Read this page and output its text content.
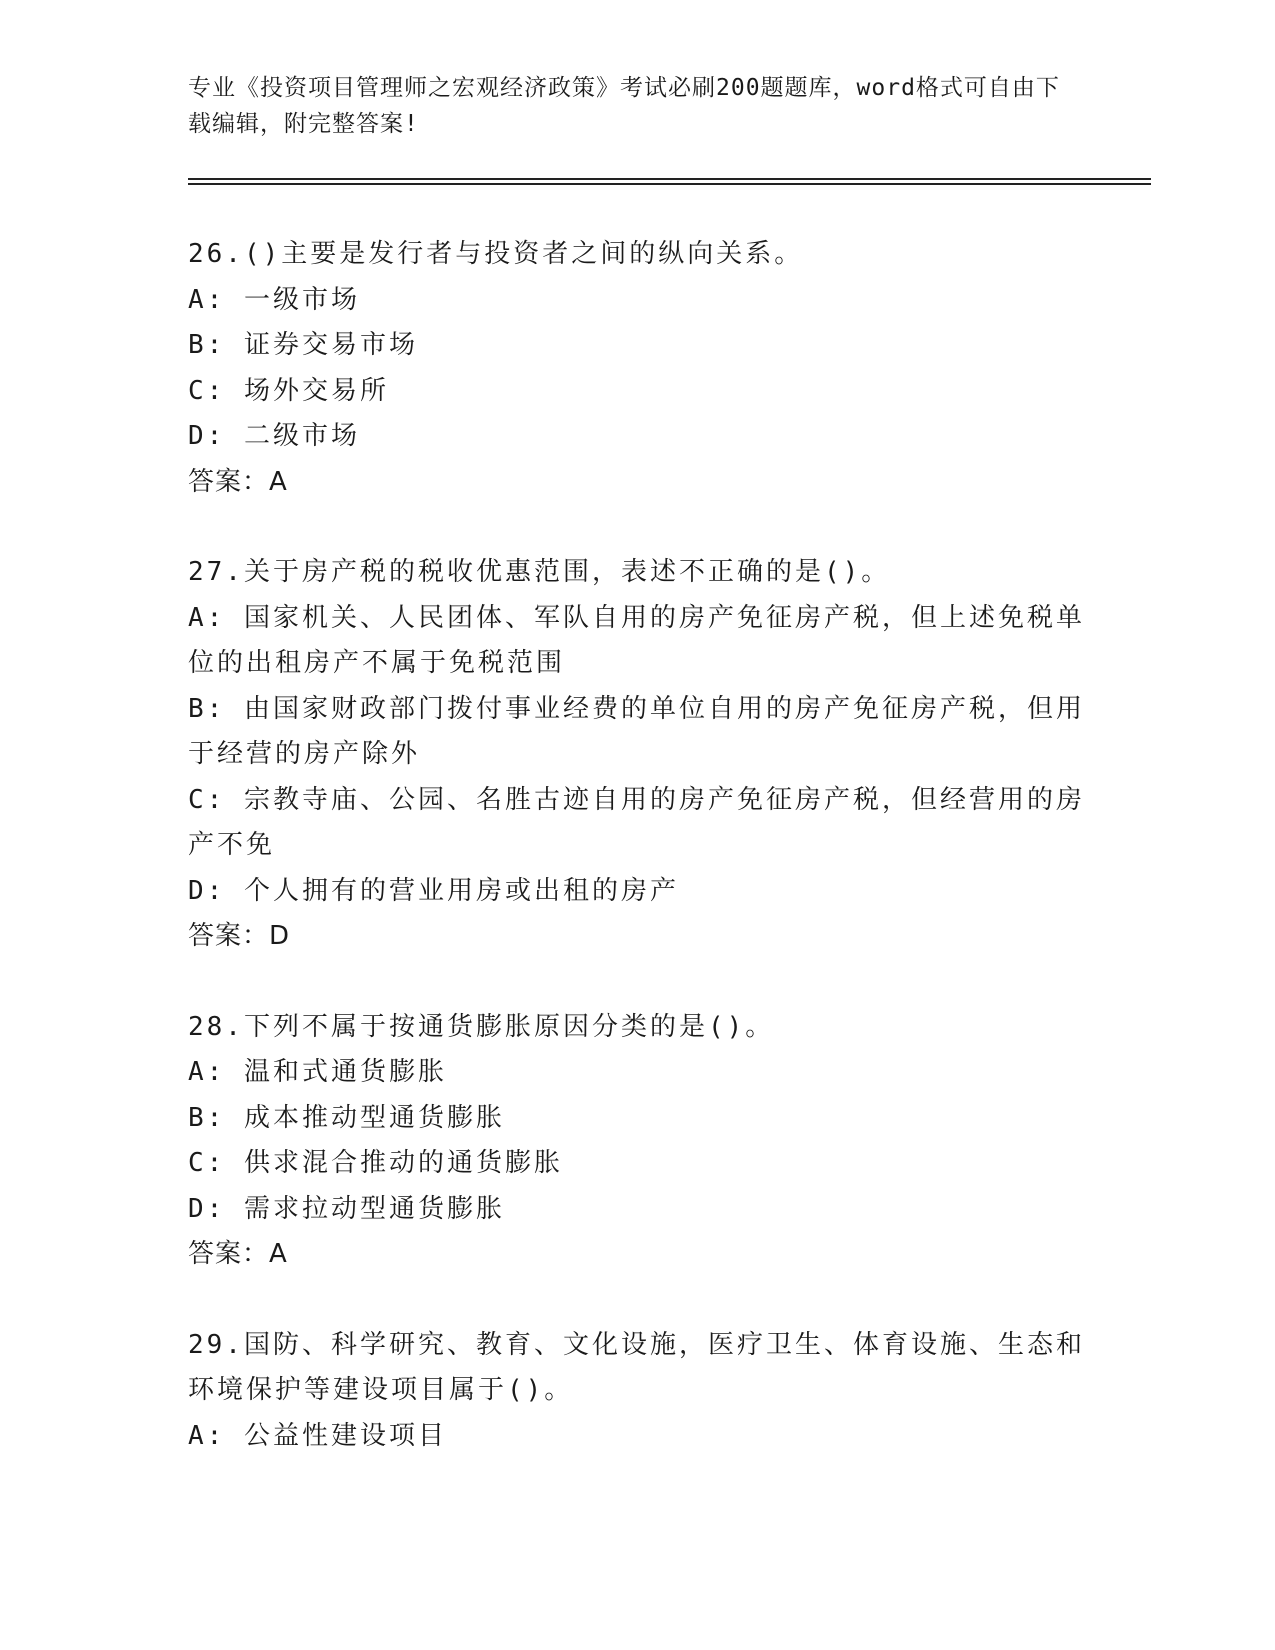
专业《投资项目管理师之宏观经济政策》考试必刷200题题库，word格式可自由下载编辑，附完整答案!

26.()主要是发行者与投资者之间的纵向关系。

A: 一级市场

B: 证券交易市场

C: 场外交易所

D: 二级市场

答案：A

27.关于房产税的税收优惠范围，表述不正确的是()。

A: 国家机关、人民团体、军队自用的房产免征房产税，但上述免税单位的出租房产不属于免税范围

B: 由国家财政部门拨付事业经费的单位自用的房产免征房产税，但用于经营的房产除外

C: 宗教寺庙、公园、名胜古迹自用的房产免征房产税，但经营用的房产不免

D: 个人拥有的营业用房或出租的房产

答案：D

28.下列不属于按通货膨胀原因分类的是()。

A: 温和式通货膨胀

B: 成本推动型通货膨胀

C: 供求混合推动的通货膨胀

D: 需求拉动型通货膨胀

答案：A

29.国防、科学研究、教育、文化设施，医疗卫生、体育设施、生态和环境保护等建设项目属于()。

A: 公益性建设项目
